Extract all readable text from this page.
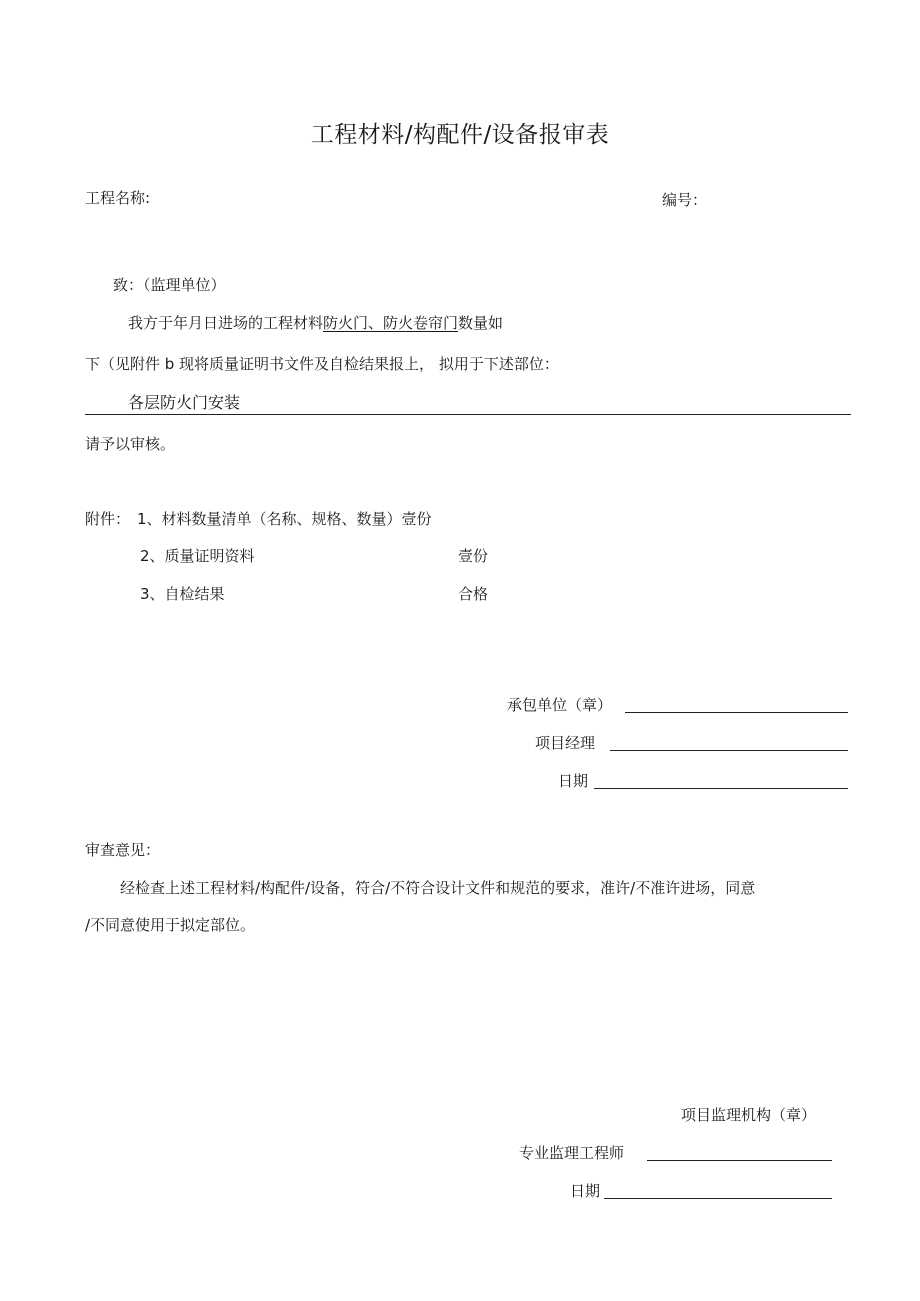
工程材料/构配件/设备报审表
工程名称:	编号：
致：（监理单位）
我方于年月日进场的工程材料防火门、防火卷帘门数量如
下（见附件 b 现将质量证明书文件及自检结果报上， 拟用于下述部位：
各层防火门安装
请予以审核。
附件： 1、材料数量清单（名称、规格、数量）壹份
2、质量证明资料	壹份
3、自检结果	合格
承包单位（章）
项目经理
日期
审查意见：
经检查上述工程材料/构配件/设备，符合/不符合设计文件和规范的要求，准许/不准许进场，同意
/不同意使用于拟定部位。
项目监理机构（章）
专业监理工程师
日期
